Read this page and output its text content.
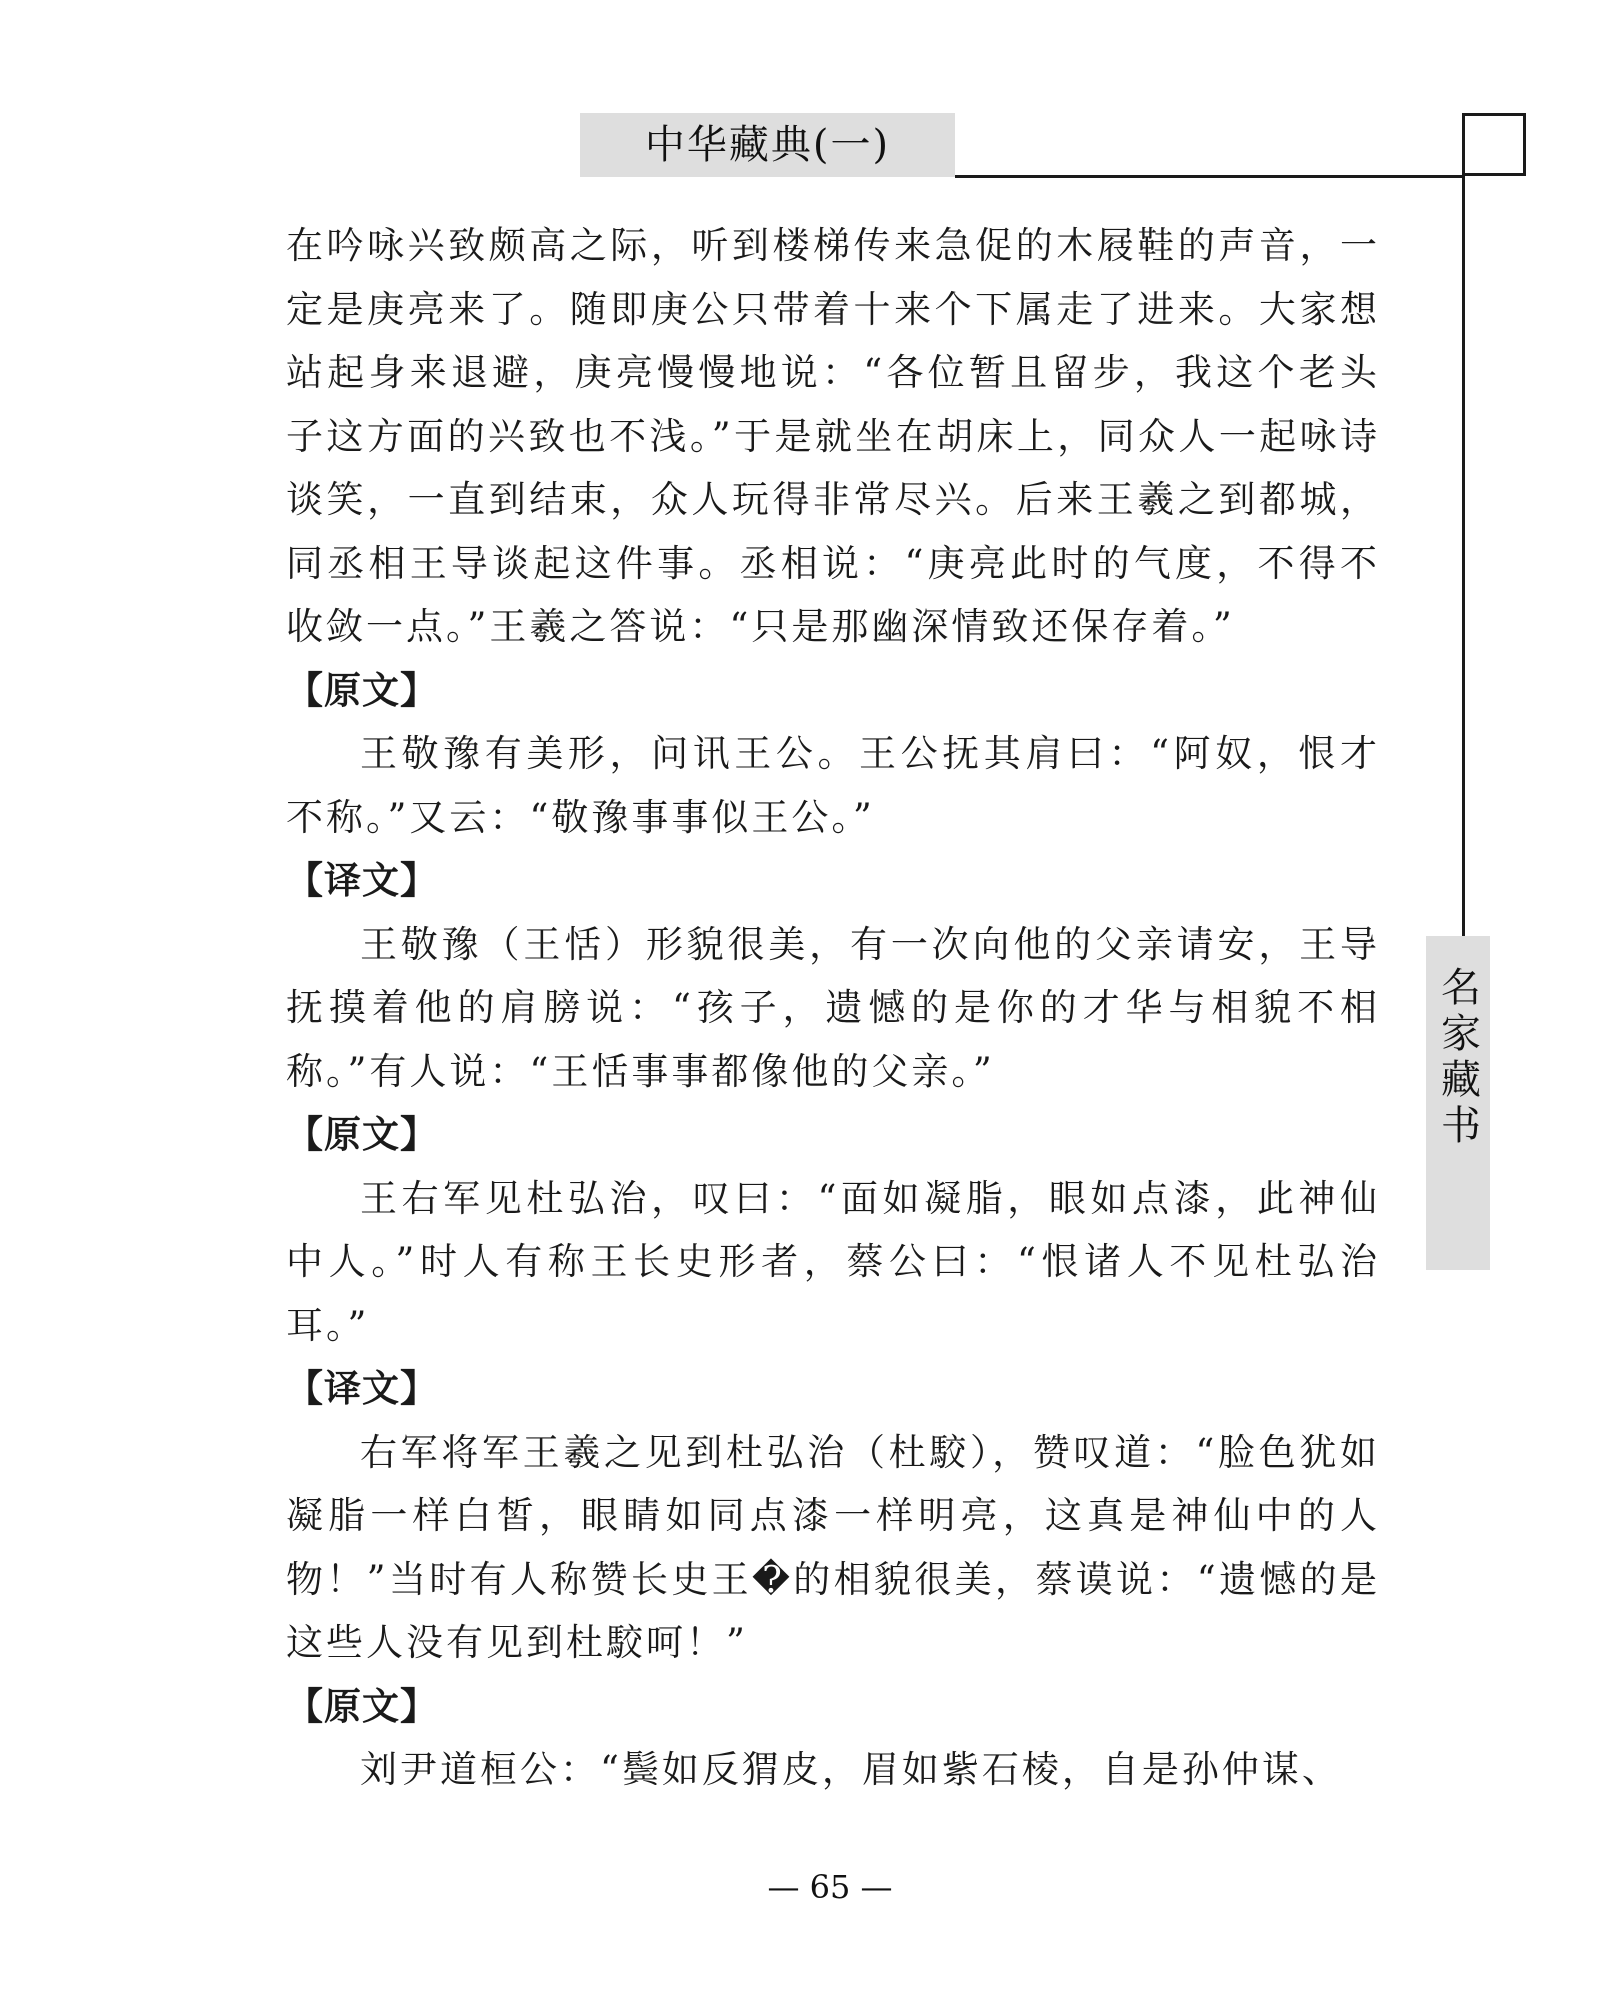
中华藏典(一)
名家藏书

在吟咏兴致颇高之际，听到楼梯传来急促的木屐鞋的声音，一定是庚亮来了。随即庚公只带着十来个下属走了进来。大家想站起身来退避，庚亮慢慢地说：“各位暂且留步，我这个老头子这方面的兴致也不浅。”于是就坐在胡床上，同众人一起咏诗谈笑，一直到结束，众人玩得非常尽兴。后来王羲之到都城，同丞相王导谈起这件事。丞相说：“庚亮此时的气度，不得不收敛一点。”王羲之答说：“只是那幽深情致还保存着。”

【原文】

王敬豫有美形，问讯王公。王公抚其肩曰：“阿奴，恨才不称。”又云：“敬豫事事似王公。”

【译文】

王敬豫（王恬）形貌很美，有一次向他的父亲请安，王导抚摸着他的肩膀说：“孩子，遗憾的是你的才华与相貌不相称。”有人说：“王恬事事都像他的父亲。”

【原文】

王右军见杜弘治，叹曰：“面如凝脂，眼如点漆，此神仙中人。”时人有称王长史形者，蔡公曰：“恨诸人不见杜弘治耳。”

【译文】

右军将军王羲之见到杜弘治（杜駮），赞叹道：“脸色犹如凝脂一样白皙，眼睛如同点漆一样明亮，这真是神仙中的人物！”当时有人称赞长史王�的相貌很美，蔡谟说：“遗憾的是这些人没有见到杜駮呵！”

【原文】

刘尹道桓公：“鬓如反猬皮，眉如紫石棱，自是孙仲谋、

— 65 —
